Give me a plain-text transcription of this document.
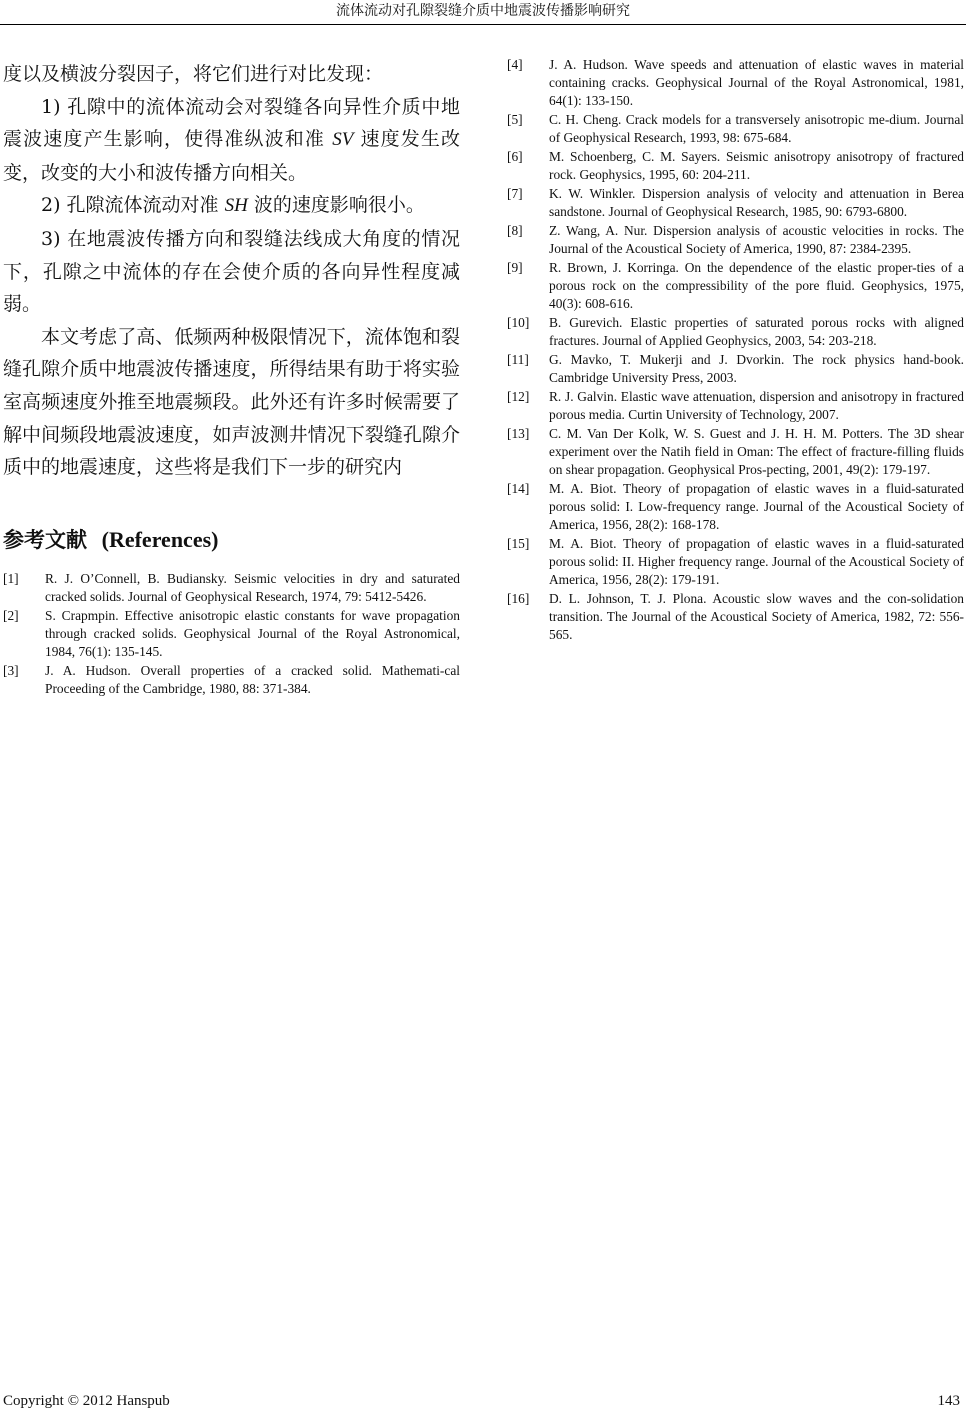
流体流动对孔隙裂缝介质中地震波传播影响研究

度以及横波分裂因子，将它们进行对比发现：

1) 孔隙中的流体流动会对裂缝各向异性介质中地震波速度产生影响，使得准纵波和准 SV 速度发生改变，改变的大小和波传播方向相关。

2) 孔隙流体流动对准 SH 波的速度影响很小。

3) 在地震波传播方向和裂缝法线成大角度的情况下，孔隙之中流体的存在会使介质的各向异性程度减弱。

本文考虑了高、低频两种极限情况下，流体饱和裂缝孔隙介质中地震波传播速度，所得结果有助于将实验室高频速度外推至地震频段。此外还有许多时候需要了解中间频段地震波速度，如声波测井情况下裂缝孔隙介质中的地震速度，这些将是我们下一步的研究内

参考文献 (References)
[1]	R. J. O’Connell, B. Budiansky. Seismic velocities in dry and saturated cracked solids. Journal of Geophysical Research, 1974, 79: 5412-5426.
[2]	S. Crapmpin. Effective anisotropic elastic constants for wave propagation through cracked solids. Geophysical Journal of the Royal Astronomical, 1984, 76(1): 135-145.
[3]	J. A. Hudson. Overall properties of a cracked solid. Mathemati-cal Proceeding of the Cambridge, 1980, 88: 371-384.
[4]	J. A. Hudson. Wave speeds and attenuation of elastic waves in material containing cracks. Geophysical Journal of the Royal Astronomical, 1981, 64(1): 133-150.
[5]	C. H. Cheng. Crack models for a transversely anisotropic me-dium. Journal of Geophysical Research, 1993, 98: 675-684.
[6]	M. Schoenberg, C. M. Sayers. Seismic anisotropy anisotropy of fractured rock. Geophysics, 1995, 60: 204-211.
[7]	K. W. Winkler. Dispersion analysis of velocity and attenuation in Berea sandstone. Journal of Geophysical Research, 1985, 90: 6793-6800.
[8]	Z. Wang, A. Nur. Dispersion analysis of acoustic velocities in rocks. The Journal of the Acoustical Society of America, 1990, 87: 2384-2395.
[9]	R. Brown, J. Korringa. On the dependence of the elastic proper-ties of a porous rock on the compressibility of the pore fluid. Geophysics, 1975, 40(3): 608-616.
[10]	B. Gurevich. Elastic properties of saturated porous rocks with aligned fractures. Journal of Applied Geophysics, 2003, 54: 203-218.
[11]	G. Mavko, T. Mukerji and J. Dvorkin. The rock physics hand-book. Cambridge University Press, 2003.
[12]	R. J. Galvin. Elastic wave attenuation, dispersion and anisotropy in fractured porous media. Curtin University of Technology, 2007.
[13]	C. M. Van Der Kolk, W. S. Guest and J. H. H. M. Potters. The 3D shear experiment over the Natih field in Oman: The effect of fracture-filling fluids on shear propagation. Geophysical Pros-pecting, 2001, 49(2): 179-197.
[14]	M. A. Biot. Theory of propagation of elastic waves in a fluid-saturated porous solid: I. Low-frequency range. Journal of the Acoustical Society of America, 1956, 28(2): 168-178.
[15]	M. A. Biot. Theory of propagation of elastic waves in a fluid-saturated porous solid: II. Higher frequency range. Journal of the Acoustical Society of America, 1956, 28(2): 179-191.
[16]	D. L. Johnson, T. J. Plona. Acoustic slow waves and the con-solidation transition. The Journal of the Acoustical Society of America, 1982, 72: 556-565.
Copyright © 2012 Hanspub	143
